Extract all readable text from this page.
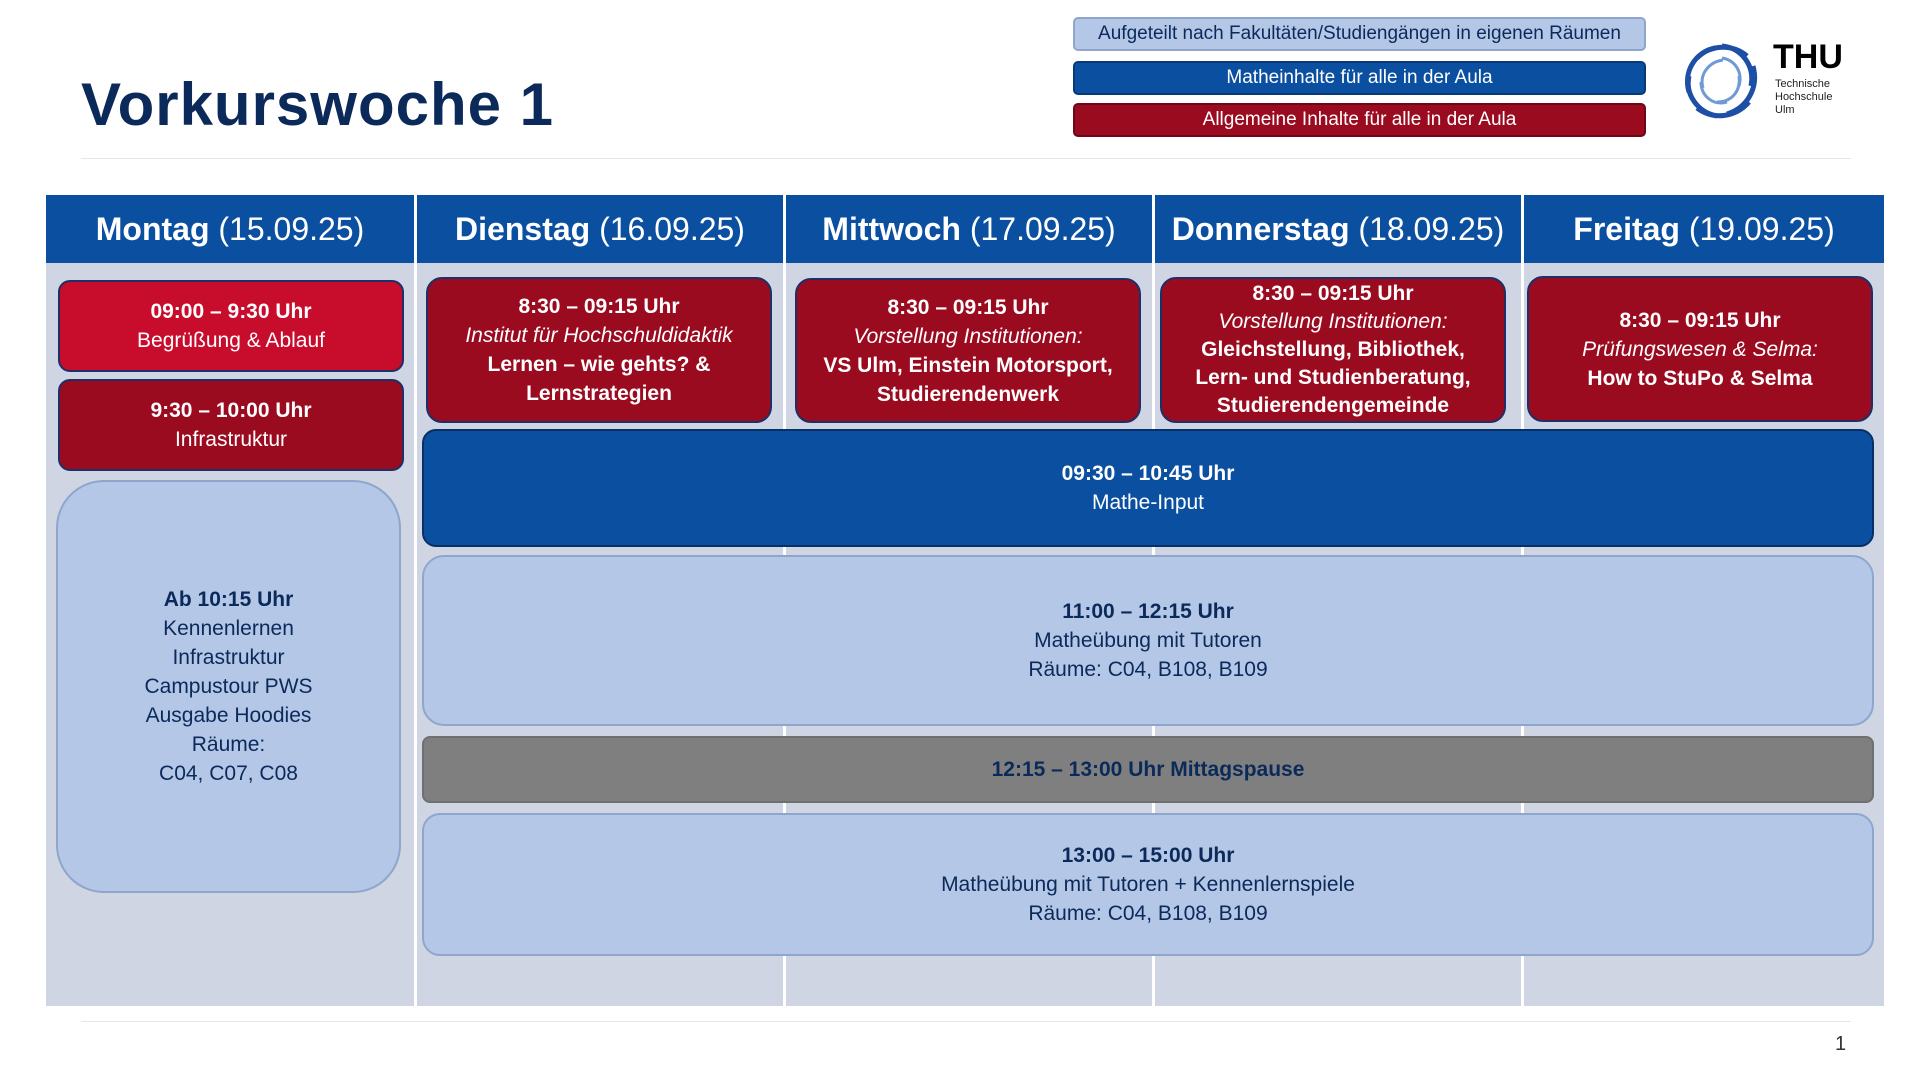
Vorkurswoche 1
Aufgeteilt nach Fakultäten/Studiengängen in eigenen Räumen
Matheinhalte für alle in der Aula
Allgemeine Inhalte für alle in der Aula
THU
Technische
Hochschule
Ulm
Montag
(15.09.25)	Dienstag
(16.09.25) Mittwoch
(17.09.25) Donnerstag
(18.09.25) Freitag
(19.09.25)
09:00 – 9:30 Uhr
Begrüßung & Ablauf
9:30 – 10:00 Uhr
Infrastruktur
Ab 10:15 Uhr
Kennenlernen
Infrastruktur
Campustour PWS
Ausgabe Hoodies
Räume:
C04, C07, C08
8:30 – 09:15 Uhr
Institut für Hochschuldidaktik
Lernen – wie gehts? &
Lernstrategien
8:30 – 09:15 Uhr
Vorstellung Institutionen:
VS Ulm, Einstein Motorsport,
Studierendenwerk
8:30 – 09:15 Uhr
Vorstellung Institutionen:
Gleichstellung, Bibliothek,
Lern- und Studienberatung,
Studierendengemeinde
8:30 – 09:15 Uhr
Prüfungswesen & Selma:
How to StuPo & Selma
09:30 – 10:45 Uhr
Mathe-Input
11:00 – 12:15 Uhr
Matheübung mit Tutoren
Räume: C04, B108, B109
12:15 – 13:00 Uhr Mittagspause
13:00 – 15:00 Uhr
Matheübung mit Tutoren + Kennenlernspiele
Räume: C04, B108, B109
1
